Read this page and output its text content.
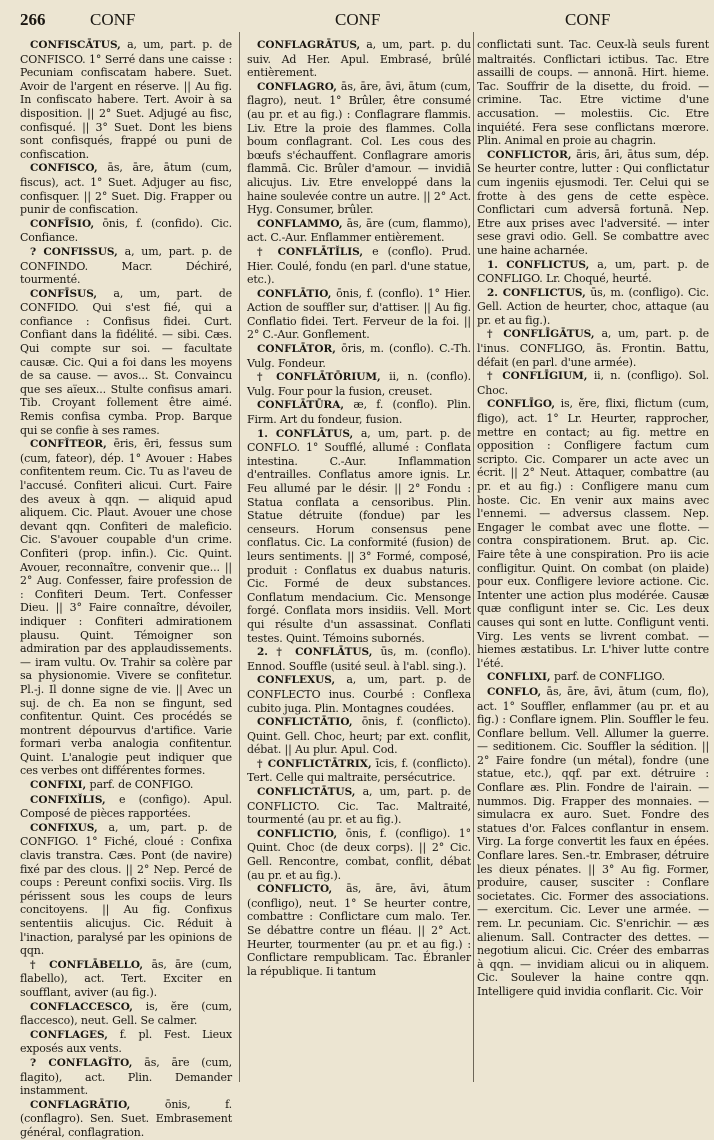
266	CONF	CONF	CONF
CONFISCĀTUS, a, um, part. p. de CONFISCO. 1° Serré dans une caisse : Pecuniam confiscatam habere. Suet. Avoir de l'argent en réserve. || Au fig. In confiscato habere. Tert. Avoir à sa disposition. || 2° Suet. Adjugé au fisc, confisqué. || 3° Suet. Dont les biens sont confisqués, frappé ou puni de confiscation.
CONFISCO, ās, āre, ātum (cum, fiscus), act. 1° Suet. Adjuger au fisc, confisquer. || 2° Suet. Dig. Frapper ou punir de confiscation.
CONFĪSIO, ōnis, f. (confido). Cic. Confiance.
? CONFISSUS, a, um, part. p. de CONFINDO. Macr. Déchiré, tourmenté.
CONFĪSUS, a, um, part. de CONFIDO. Qui s'est fié, qui a confiance : Confisus fidei. Curt. Confiant dans la fidélité. — sibi. Cæs. Qui compte sur soi. — facultate causæ. Cic. Qui a foi dans les moyens de sa cause. — avos... St. Convaincu que ses aïeux... Stulte confisus amari. Tib. Croyant follement être aimé. Remis confisa cymba. Prop. Barque qui se confie à ses rames.
CONFĬTEOR, ēris, ēri, fessus sum (cum, fateor), dép. 1° Avouer : Habes confitentem reum. Cic. Tu as l'aveu de l'accusé. Confiteri alicui. Curt. Faire des aveux à qqn. — aliquid apud aliquem. Cic. Plaut. Avouer une chose devant qqn. Confiteri de maleficio. Cic. S'avouer coupable d'un crime. Confiteri (prop. infin.). Cic. Quint. Avouer, reconnaître, convenir que... || 2° Aug. Confesser, faire profession de : Confiteri Deum. Tert. Confesser Dieu. || 3° Faire connaître, dévoiler, indiquer : Confiteri admirationem plausu. Quint. Témoigner son admiration par des applaudissements. — iram vultu. Ov. Trahir sa colère par sa physionomie. Vivere se confitetur. Pl.-j. Il donne signe de vie. || Avec un suj. de ch. Ea non se fingunt, sed confitentur. Quint. Ces procédés se montrent dépourvus d'artifice. Varie formari verba analogia confitentur. Quint. L'analogie peut indiquer que ces verbes ont différentes formes.
CONFIXI, parf. de CONFIGO.
CONFIXĬLIS, e (configo). Apul. Composé de pièces rapportées.
CONFIXUS, a, um, part. p. de CONFIGO. 1° Fiché, cloué : Confixa clavis transtra. Cæs. Pont (de navire) fixé par des clous. || 2° Nep. Percé de coups : Pereunt confixi sociis. Virg. Ils périssent sous les coups de leurs concitoyens. || Au fig. Confixus sententiis alicujus. Cic. Réduit à l'inaction, paralysé par les opinions de qqn.
† CONFLĀBELLO, ās, āre (cum, flabello), act. Tert. Exciter en soufflant, aviver (au fig.).
CONFLACCESCO, is, ĕre (cum, flaccesco), neut. Gell. Se calmer.
CONFLAGES, f. pl. Fest. Lieux exposés aux vents.
? CONFLAGĬTO, ās, āre (cum, flagito), act. Plin. Demander instamment.
CONFLAGRĀTIO,	ōnis, f. (conflagro). Sen. Suet. Embrasement général, conflagration.
CONFLAGRĀTUS, a, um, part. p. du suiv. Ad Her. Apul. Embrasé, brûlé entièrement.
CONFLAGRO, ās, āre, āvi, ātum (cum, flagro), neut. 1° Brûler, être consumé (au pr. et au fig.) : Conflagrare flammis. Liv. Etre la proie des flammes. Colla boum conflagrant. Col. Les cous des bœufs s'échauffent. Conflagrare amoris flammā. Cic. Brûler d'amour. — invidiā alicujus. Liv. Etre enveloppé dans la haine soulevée contre un autre. || 2° Act. Hyg. Consumer, brûler.
CONFLAMMO, ās, āre (cum, flammo), act. C.-Aur. Enflammer entièrement.
† CONFLĀTĬLIS, e (conflo). Prud. Hier. Coulé, fondu (en parl. d'une statue, etc.).
CONFLĀTIO, ōnis, f. (conflo). 1° Hier. Action de souffler sur, d'attiser. || Au fig. Conflatio fidei. Tert. Ferveur de la foi. || 2° C.-Aur. Gonflement.
CONFLĀTOR, ōris, m. (conflo). C.-Th. Vulg. Fondeur.
† CONFLĀTŌRIUM, ii, n. (conflo). Vulg. Four pour la fusion, creuset.
CONFLĀTŪRA, æ, f. (conflo). Plin. Firm. Art du fondeur, fusion.
1. CONFLĀTUS, a, um, part. p. de CONFLO. 1° Soufflé, allumé : Conflata intestina. C.-Aur. Inflammation d'entrailles. Conflatus amore ignis. Lr. Feu allumé par le désir. || 2° Fondu : Statua conflata a censoribus. Plin. Statue détruite (fondue) par les censeurs. Horum consensus pene conflatus. Cic. La conformité (fusion) de leurs sentiments. || 3° Formé, composé, produit : Conflatus ex duabus naturis. Cic. Formé de deux substances. Conflatum mendacium. Cic. Mensonge forgé. Conflata mors insidiis. Vell. Mort qui résulte d'un assassinat. Conflati testes. Quint. Témoins subornés.
2. † CONFLĀTUS, ūs, m. (conflo). Ennod. Souffle (usité seul. à l'abl. sing.).
CONFLEXUS, a, um, part. p. de CONFLECTO inus. Courbé : Conflexa cubito juga. Plin. Montagnes coudées.
CONFLICTĀTIO, ōnis, f. (conflicto). Quint. Gell. Choc, heurt; par ext. conflit, débat. || Au plur. Apul. Cod.
† CONFLICTĀTRIX, īcis, f. (conflicto). Tert. Celle qui maltraite, persécutrice.
CONFLICTĀTUS, a, um, part. p. de CONFLICTO. Cic. Tac. Maltraité, tourmenté (au pr. et au fig.).
CONFLICTIO, ōnis, f. (confligo). 1° Quint. Choc (de deux corps). || 2° Cic. Gell. Rencontre, combat, conflit, débat (au pr. et au fig.).
CONFLICTO, ās, āre, āvi, ātum (confligo), neut. 1° Se heurter contre, combattre : Conflictare cum malo. Ter. Se débattre contre un fléau. || 2° Act. Heurter, tourmenter (au pr. et au fig.) : Conflictare rempublicam. Tac. Ébranler la république. Ii tantum
conflictati sunt. Tac. Ceux-là seuls furent maltraités. Conflictari ictibus. Tac. Etre assailli de coups. — annonā. Hirt. hieme. Tac. Souffrir de la disette, du froid. — crimine. Tac. Etre victime d'une accusation. — molestiis. Cic. Etre inquiété. Fera sese conflictans mœrore. Plin. Animal en proie au chagrin.
CONFLICTOR, āris, āri, ātus sum, dép. Se heurter contre, lutter : Qui conflictatur cum ingeniis ejusmodi. Ter. Celui qui se frotte à des gens de cette espèce. Conflictari cum adversā fortunā. Nep. Etre aux prises avec l'adversité. — inter sese gravi odio. Gell. Se combattre avec une haine acharnée.
1. CONFLICTUS, a, um, part. p. de CONFLIGO. Lr. Choqué, heurté.
2. CONFLICTUS, ūs, m. (confligo). Cic. Gell. Action de heurter, choc, attaque (au pr. et au fig.).
† CONFLĪGĀTUS, a, um, part. p. de l'inus. CONFLIGO, ās. Frontin. Battu, défait (en parl. d'une armée).
† CONFLĪGIUM, ii, n. (confligo). Sol. Choc.
CONFLĪGO, is, ĕre, flixi, flictum (cum, fligo), act. 1° Lr. Heurter, rapprocher, mettre en contact; au fig. mettre en opposition : Confligere factum cum scripto. Cic. Comparer un acte avec un écrit. || 2° Neut. Attaquer, combattre (au pr. et au fig.) : Confligere manu cum hoste. Cic. En venir aux mains avec l'ennemi. — adversus classem. Nep. Engager le combat avec une flotte. — contra conspirationem. Brut. ap. Cic. Faire tête à une conspiration. Pro iis acie confligitur. Quint. On combat (on plaide) pour eux. Confligere leviore actione. Cic. Intenter une action plus modérée. Causæ quæ confligunt inter se. Cic. Les deux causes qui sont en lutte. Confligunt venti. Virg. Les vents se livrent combat. — hiemes æstatibus. Lr. L'hiver lutte contre l'été.
CONFLIXI, parf. de CONFLIGO.
CONFLO, ās, āre, āvi, ātum (cum, flo), act. 1° Souffler, enflammer (au pr. et au fig.) : Conflare ignem. Plin. Souffler le feu. Conflare bellum. Vell. Allumer la guerre. — seditionem. Cic. Souffler la sédition. || 2° Faire fondre (un métal), fondre (une statue, etc.), qqf. par ext. détruire : Conflare æs. Plin. Fondre de l'airain. — nummos. Dig. Frapper des monnaies. — simulacra ex auro. Suet. Fondre des statues d'or. Falces conflantur in ensem. Virg. La forge convertit les faux en épées. Conflare lares. Sen.-tr. Embraser, détruire les dieux pénates. || 3° Au fig. Former, produire, causer, susciter : Conflare societates. Cic. Former des associations. — exercitum. Cic. Lever une armée. — rem. Lr. pecuniam. Cic. S'enrichir. — æs alienum. Sall. Contracter des dettes. — negotium alicui. Cic. Créer des embarras à qqn. — invidiam alicui ou in aliquem. Cic. Soulever la haine contre qqn. Intelligere quid invidia conflarit. Cic. Voir
